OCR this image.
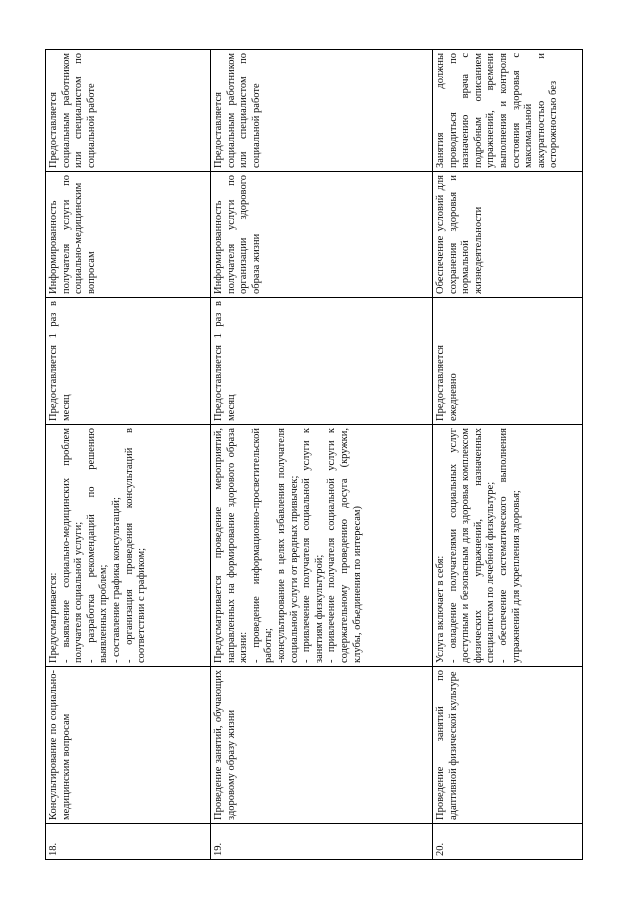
18.	Консультирование по социально-медицинским вопросам	Предусматривается: - выявление социально-медицинских проблем получателя социальной услуги; - разработка рекомендаций по решению выявленных проблем; - составление графика консультаций; - организация проведения консультаций в соответствии с графиком;	Предоставляется 1 раз в месяц	Информированность получателя услуги по социально-медицинским вопросам	Предоставляется социальным работником или специалистом по социальной работе
19.	Проведение занятий, обучающих здоровому образу жизни	Предусматривается проведение мероприятий, направленных на формирование здорового образа жизни: - проведение информационно-просветительской работы; -консультирование в целях избавления получателя социальной услуги от вредных привычек; - привлечение получателя социальной услуги к занятиям физкультурой; - привлечение получателя социальной услуги к содержательному проведению досуга (кружки, клубы, объединения по интересам)	Предоставляется 1 раз в месяц	Информированность получателя услуги по организации здорового образа жизни	Предоставляется социальным работником или специалистом по социальной работе
20.	Проведение занятий по адаптивной физической культуре	Услуга включает в себя: - овладение получателями социальных услуг доступным и безопасным для здоровья комплексом физических упражнений, назначенных специалистом по лечебной физкультуре; - обеспечение систематического выполнения упражнений для укрепления здоровья;	Предоставляется ежедневно	Обеспечение условий для сохранения здоровья и нормальной жизнедеятельности	Занятия должны проводиться по назначению врача с подробным описанием упражнений, времени выполнения и контроля состояния здоровья с максимальной аккуратностью и осторожностью без
